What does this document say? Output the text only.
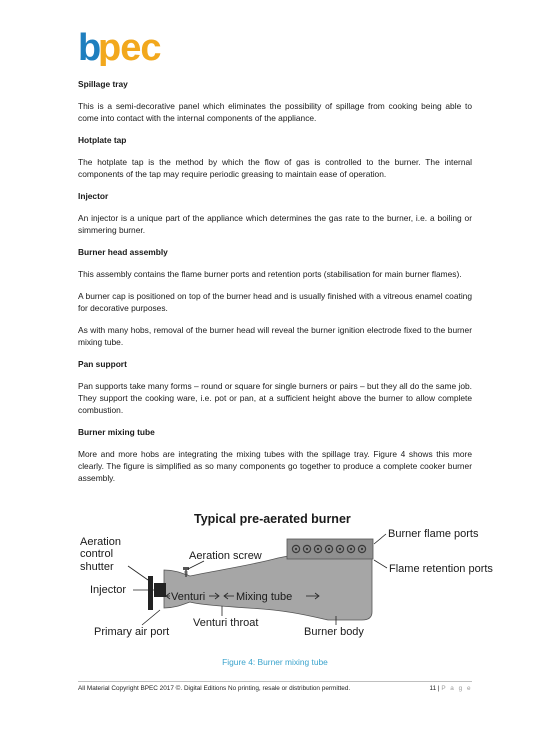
b
pec
Spillage tray

This is a semi-decorative panel which eliminates the possibility of spillage from cooking being able to come into contact with the internal components of the appliance.

Hotplate tap

The hotplate tap is the method by which the flow of gas is controlled to the burner. The internal components of the tap may require periodic greasing to maintain ease of operation.

Injector

An injector is a unique part of the appliance which determines the gas rate to the burner, i.e. a boiling or simmering burner.

Burner head assembly

This assembly contains the flame burner ports and retention ports (stabilisation for main burner flames).

A burner cap is positioned on top of the burner head and is usually finished with a vitreous enamel coating for decorative purposes.

As with many hobs, removal of the burner head will reveal the burner ignition electrode fixed to the burner mixing tube.

Pan support

Pan supports take many forms – round or square for single burners or pairs – but they all do the same job. They support the cooking ware, i.e. pot or pan, at a sufficient height above the burner to allow complete combustion.

Burner mixing tube

More and more hobs are integrating the mixing tubes with the spillage tray. Figure 4 shows this more clearly. The figure is simplified as so many components go together to produce a complete cooker burner assembly.

Typical pre-aerated burner
Aeration
control
shutter
Aeration screw
Injector
Venturi	Mixing tube
Primary air port
Venturi throat
Burner body
Burner flame ports
Flame retention ports
Figure 4: Burner mixing tube
All Material Copyright BPEC 2017 ©. Digital Editions No printing, resale or distribution permitted.	11 | P a g e
